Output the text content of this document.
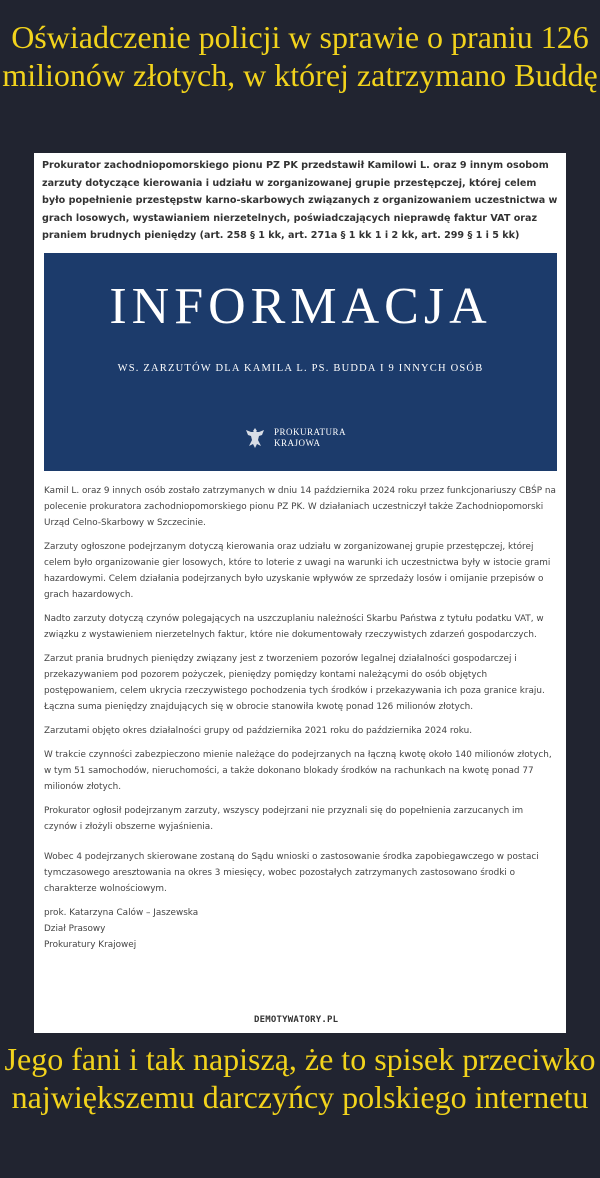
Oświadczenie policji w sprawie o praniu 126 milionów złotych, w której zatrzymano Buddę
Prokurator zachodniopomorskiego pionu PZ PK przedstawił Kamilowi L. oraz 9 innym osobom zarzuty dotyczące kierowania i udziału w zorganizowanej grupie przestępczej, której celem było popełnienie przestępstw karno-skarbowych związanych z organizowaniem uczestnictwa w grach losowych, wystawianiem nierzetelnych, poświadczających nieprawdę faktur VAT oraz praniem brudnych pieniędzy (art. 258 § 1 kk, art. 271a § 1 kk 1 i 2 kk, art. 299 § 1 i 5 kk)
INFORMACJA
WS. ZARZUTÓW DLA KAMILA L. PS. BUDDA I 9 INNYCH OSÓB
PROKURATURA
KRAJOWA

Kamil L. oraz 9 innych osób zostało zatrzymanych w dniu 14 października 2024 roku przez funkcjonariuszy CBŚP na polecenie prokuratora zachodniopomorskiego pionu PZ PK. W działaniach uczestniczył także Zachodniopomorski Urząd Celno-Skarbowy w Szczecinie.

Zarzuty ogłoszone podejrzanym dotyczą kierowania oraz udziału w zorganizowanej grupie przestępczej, której celem było organizowanie gier losowych, które to loterie z uwagi na warunki ich uczestnictwa były w istocie grami hazardowymi. Celem działania podejrzanych było uzyskanie wpływów ze sprzedaży losów i omijanie przepisów o grach hazardowych.

Nadto zarzuty dotyczą czynów polegających na uszczuplaniu należności Skarbu Państwa z tytułu podatku VAT, w związku z wystawieniem nierzetelnych faktur, które nie dokumentowały rzeczywistych zdarzeń gospodarczych.

Zarzut prania brudnych pieniędzy związany jest z tworzeniem pozorów legalnej działalności gospodarczej i przekazywaniem pod pozorem pożyczek, pieniędzy pomiędzy kontami należącymi do osób objętych postępowaniem, celem ukrycia rzeczywistego pochodzenia tych środków i przekazywania ich poza granice kraju. Łączna suma pieniędzy znajdujących się w obrocie stanowiła kwotę ponad 126 milionów złotych.

Zarzutami objęto okres działalności grupy od października 2021 roku do października 2024 roku.

W trakcie czynności zabezpieczono mienie należące do podejrzanych na łączną kwotę około 140 milionów złotych, w tym 51 samochodów, nieruchomości, a także dokonano blokady środków na rachunkach na kwotę ponad 77 milionów złotych.

Prokurator ogłosił podejrzanym zarzuty, wszyscy podejrzani nie przyznali się do popełnienia zarzucanych im czynów i złożyli obszerne wyjaśnienia.

Wobec 4 podejrzanych skierowane zostaną do Sądu wnioski o zastosowanie środka zapobiegawczego w postaci tymczasowego aresztowania na okres 3 miesięcy, wobec pozostałych zatrzymanych zastosowano środki o charakterze wolnościowym.

prok. Katarzyna Calów – Jaszewska
Dział Prasowy
Prokuratury Krajowej
DEMOTYWATORY.PL
Jego fani i tak napiszą, że to spisek przeciwko największemu darczyńcy polskiego internetu
